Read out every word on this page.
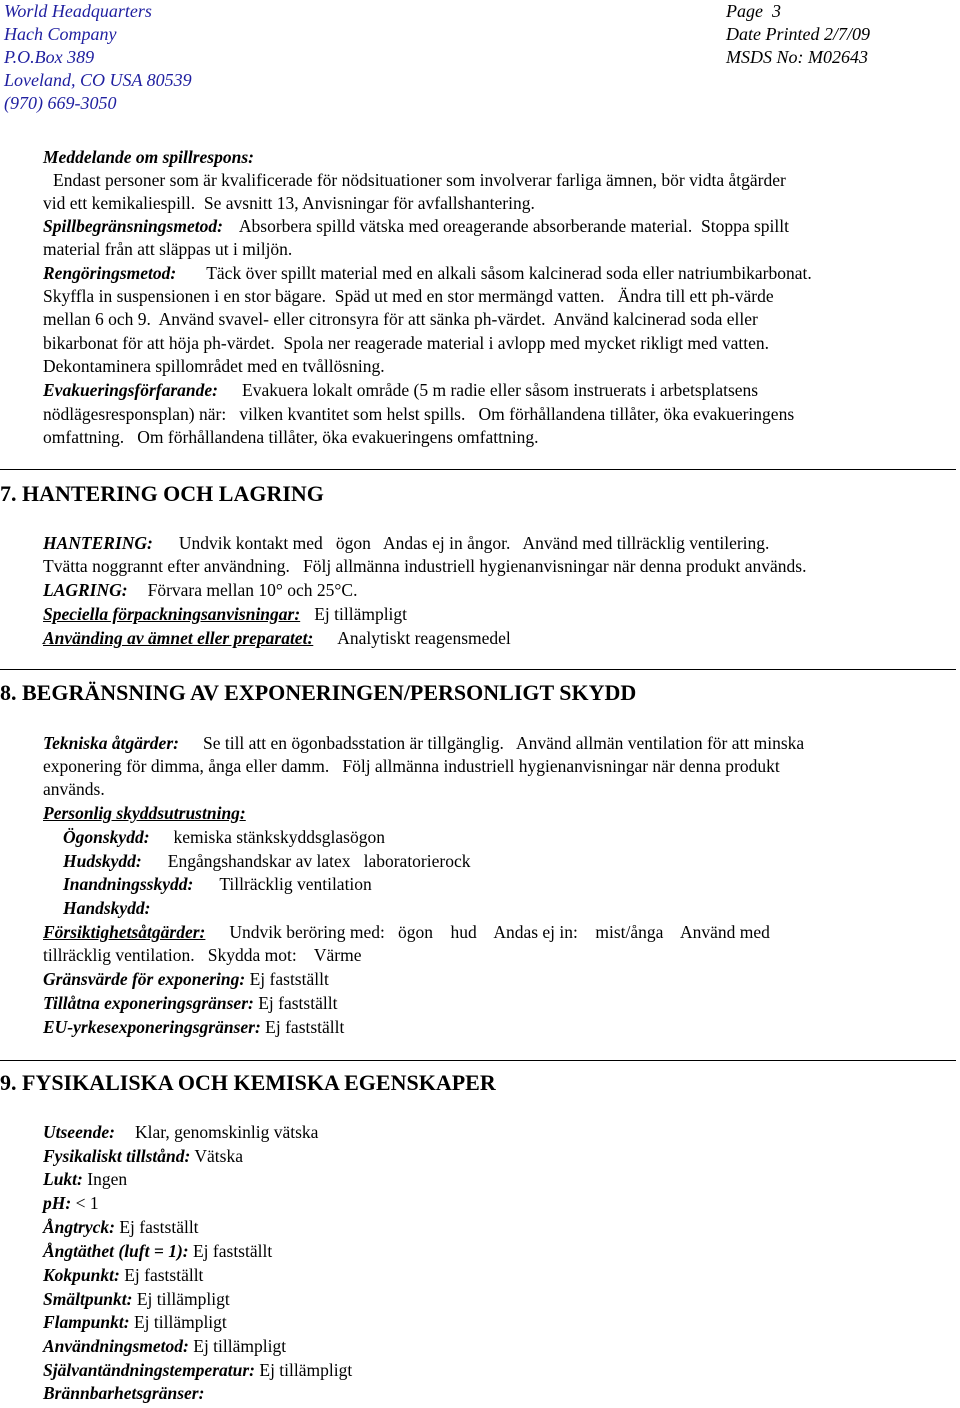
World Headquarters
Hach Company
P.O.Box 389
Loveland, CO USA 80539
(970) 669-3050
Page  3
Date Printed 2/7/09
MSDS No: M02643
Meddelande om spillrespons:
Endast personer som är kvalificerade för nödsituationer som involverar farliga ämnen, bör vidta åtgärder
vid ett kemikaliespill.  Se avsnitt 13, Anvisningar för avfallshantering.
Spillbegränsningsmetod: Absorbera spilld vätska med oreagerande absorberande material.  Stoppa spillt
material från att släppas ut i miljön.
Rengöringsmetod: Täck över spillt material med en alkali såsom kalcinerad soda eller natriumbikarbonat.
Skyffla in suspensionen i en stor bägare.  Späd ut med en stor mermängd vatten.   Ändra till ett ph-värde
mellan 6 och 9.  Använd svavel- eller citronsyra för att sänka ph-värdet.  Använd kalcinerad soda eller
bikarbonat för att höja ph-värdet.  Spola ner reagerade material i avlopp med mycket rikligt med vatten.
Dekontaminera spillområdet med en tvållösning.
Evakueringsförfarande: Evakuera lokalt område (5 m radie eller såsom instruerats i arbetsplatsens
nödlägesresponsplan) när:   vilken kvantitet som helst spills.   Om förhållandena tillåter, öka evakueringens
omfattning.   Om förhållandena tillåter, öka evakueringens omfattning.
7. HANTERING OCH LAGRING
HANTERING: Undvik kontakt med   ögon   Andas ej in ångor.   Använd med tillräcklig ventilering.
Tvätta noggrannt efter användning.   Följ allmänna industriell hygienanvisningar när denna produkt används.
LAGRING: Förvara mellan 10° och 25°C.
Speciella förpackningsanvisningar: Ej tillämpligt
Använding av ämnet eller preparatet: Analytiskt reagensmedel
8. BEGRÄNSNING AV EXPONERINGEN/PERSONLIGT SKYDD
Tekniska åtgärder: Se till att en ögonbadsstation är tillgänglig.   Använd allmän ventilation för att minska
exponering för dimma, ånga eller damm.   Följ allmänna industriell hygienanvisningar när denna produkt
används.
Personlig skyddsutrustning:
Ögonskydd: kemiska stänkskyddsglasögon
Hudskydd: Engångshandskar av latex   laboratorierock
Inandningsskydd: Tillräcklig ventilation
Handskydd:
Försiktighetsåtgärder: Undvik beröring med:   ögon    hud    Andas ej in:    mist/ånga    Använd med
tillräcklig ventilation.   Skydda mot:    Värme
Gränsvärde för exponering: Ej fastställt
Tillåtna exponeringsgränser: Ej fastställt
EU-yrkesexponeringsgränser: Ej fastställt
9. FYSIKALISKA OCH KEMISKA EGENSKAPER
Utseende: Klar, genomskinlig vätska
Fysikaliskt tillstånd: Vätska
Lukt: Ingen
pH: < 1
Ångtryck: Ej fastställt
Ångtäthet (luft = 1): Ej fastställt
Kokpunkt: Ej fastställt
Smältpunkt: Ej tillämpligt
Flampunkt: Ej tillämpligt
Användningsmetod: Ej tillämpligt
Självantändningstemperatur: Ej tillämpligt
Brännbarhetsgränser:
